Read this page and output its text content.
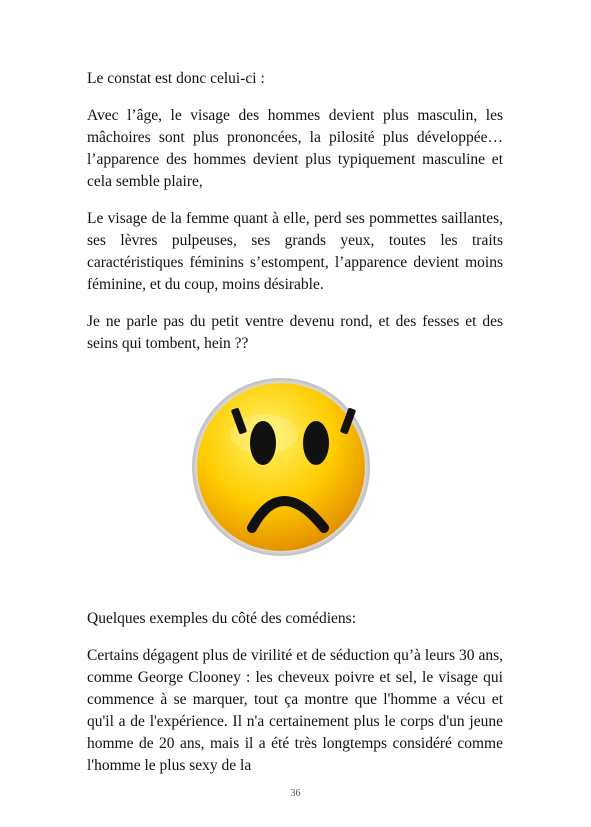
Le constat est donc celui-ci :

Avec l’âge, le visage des hommes devient plus masculin, les mâchoires sont plus prononcées, la pilosité plus développée… l’apparence des hommes devient plus typiquement masculine et cela semble plaire,

Le visage de la femme quant à elle, perd ses pommettes saillantes, ses lèvres pulpeuses, ses grands yeux, toutes les traits caractéristiques féminins s’estompent, l’apparence devient moins féminine, et du coup, moins désirable.

Je ne parle pas du petit ventre devenu rond, et des fesses et des seins qui tombent, hein ??

Quelques exemples du côté des comédiens:

Certains dégagent plus de virilité et de séduction qu’à leurs 30 ans, comme George Clooney : les cheveux poivre et sel, le visage qui commence à se marquer, tout ça montre que l'homme a vécu et qu'il a de l'expérience. Il n'a certainement plus le corps d'un jeune homme de 20 ans, mais il a été très longtemps considéré comme l'homme le plus sexy de la

36
